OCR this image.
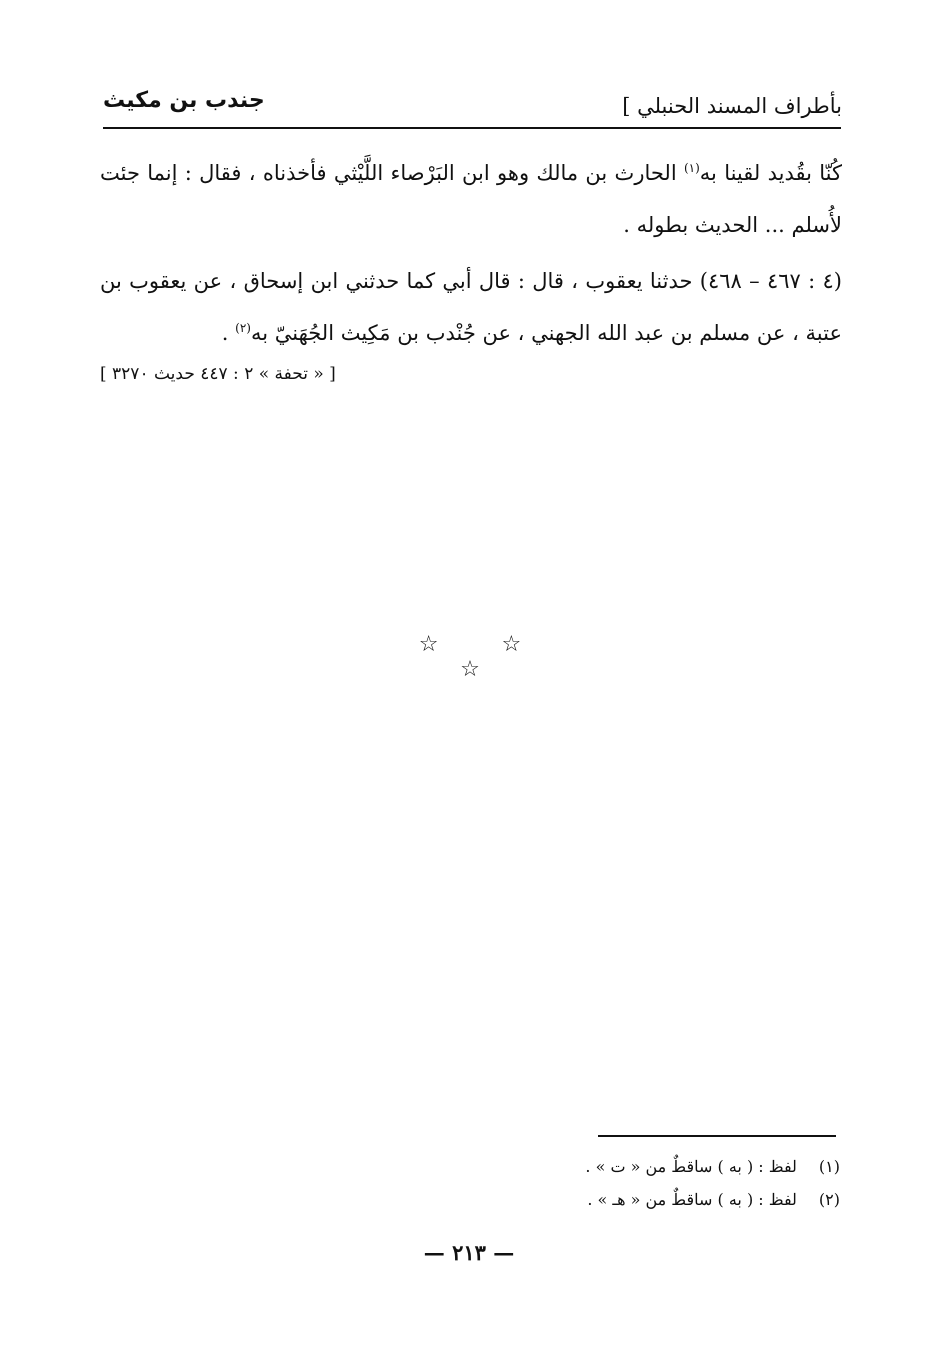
جندب بن مكيث	بأطراف المسند الحنبلي ]
كُنّا بقُديد لقينا به$^{(١)}$ الحارث بن مالك وهو ابن البَرْصاء اللَّيْثي فأخذناه ، فقال : إنما جئت لأُسلم ... الحديث بطوله .
(٤ : ٤٦٧ – ٤٦٨) حدثنا يعقوب ، قال : قال أبي كما حدثني ابن إسحاق ، عن يعقوب بن عتبة ، عن مسلم بن عبد الله الجهني ، عن جُنْدب بن مَكِيث الجُهَنيّ به$^{(٢)}$ .
[ « تحفة » ٢ : ٤٤٧ حديث ٣٢٧٠ ]
☆ ☆ ☆
(١)لفظ : ( به ) ساقطٌ من « ت » .
(٢)لفظ : ( به ) ساقطٌ من « هـ » .
— ٢١٣ —
